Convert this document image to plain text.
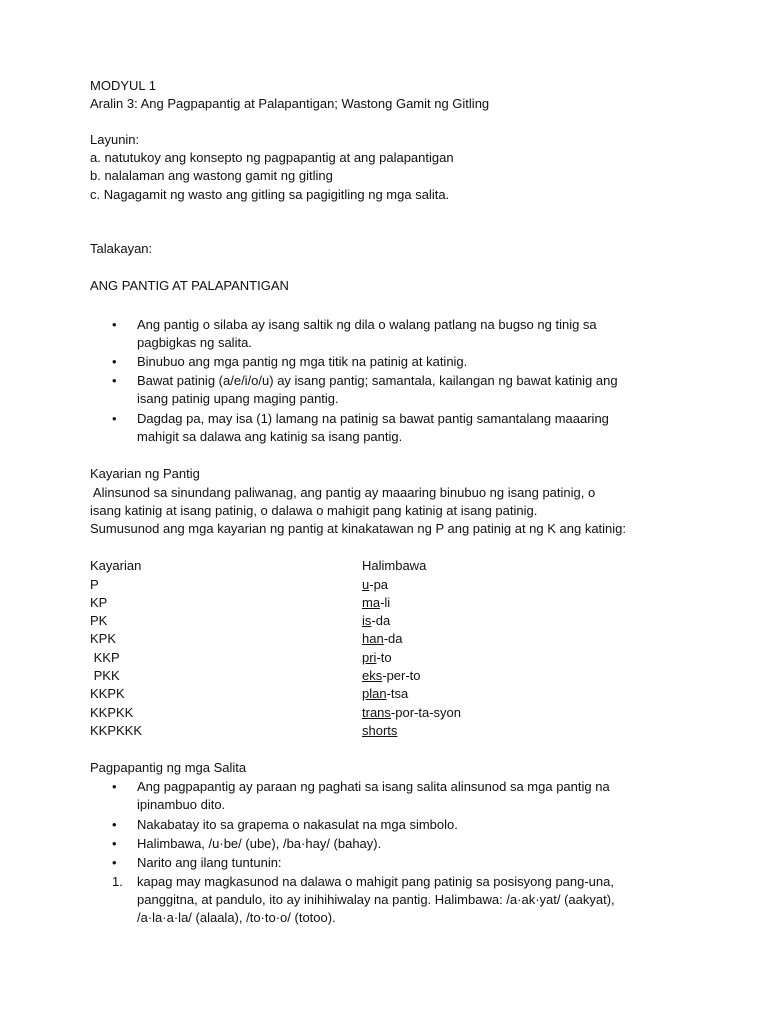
MODYUL 1
Aralin 3: Ang Pagpapantig at Palapantigan; Wastong Gamit ng Gitling
Layunin:
a. natutukoy ang konsepto ng pagpapantig at ang palapantigan
b. nalalaman ang wastong gamit ng gitling
c. Nagagamit ng wasto ang gitling sa pagigitling ng mga salita.
Talakayan:
ANG PANTIG AT PALAPANTIGAN
• Ang pantig o silaba ay isang saltik ng dila o walang patlang na bugso ng tinig sa
pagbigkas ng salita.
• Binubuo ang mga pantig ng mga titik na patinig at katinig.
• Bawat patinig (a/e/i/o/u) ay isang pantig; samantala, kailangan ng bawat katinig ang
isang patinig upang maging pantig.
• Dagdag pa, may isa (1) lamang na patinig sa bawat pantig samantalang maaaring
mahigit sa dalawa ang katinig sa isang pantig.
Kayarian ng Pantig
Alinsunod sa sinundang paliwanag, ang pantig ay maaaring binubuo ng isang patinig, o
isang katinig at isang patinig, o dalawa o mahigit pang katinig at isang patinig.
Sumusunod ang mga kayarian ng pantig at kinakatawan ng P ang patinig at ng K ang katinig:
Kayarian	Halimbawa
P	u-pa
KP	ma-li
PK	is-da
KPK	han-da
KKP	pri-to
PKK	eks-per-to
KKPK	plan-tsa
KKPKK	trans-por-ta-syon
KKPKKK	shorts
Pagpapantig ng mga Salita
• Ang pagpapantig ay paraan ng paghati sa isang salita alinsunod sa mga pantig na
ipinambuo dito.
• Nakabatay ito sa grapema o nakasulat na mga simbolo.
• Halimbawa, /u·be/ (ube), /ba·hay/ (bahay).
• Narito ang ilang tuntunin:
1. kapag may magkasunod na dalawa o mahigit pang patinig sa posisyong pang-una,
panggitna, at pandulo, ito ay inihihiwalay na pantig. Halimbawa: /a·ak·yat/ (aakyat),
/a·la·a·la/ (alaala), /to·to·o/ (totoo).
